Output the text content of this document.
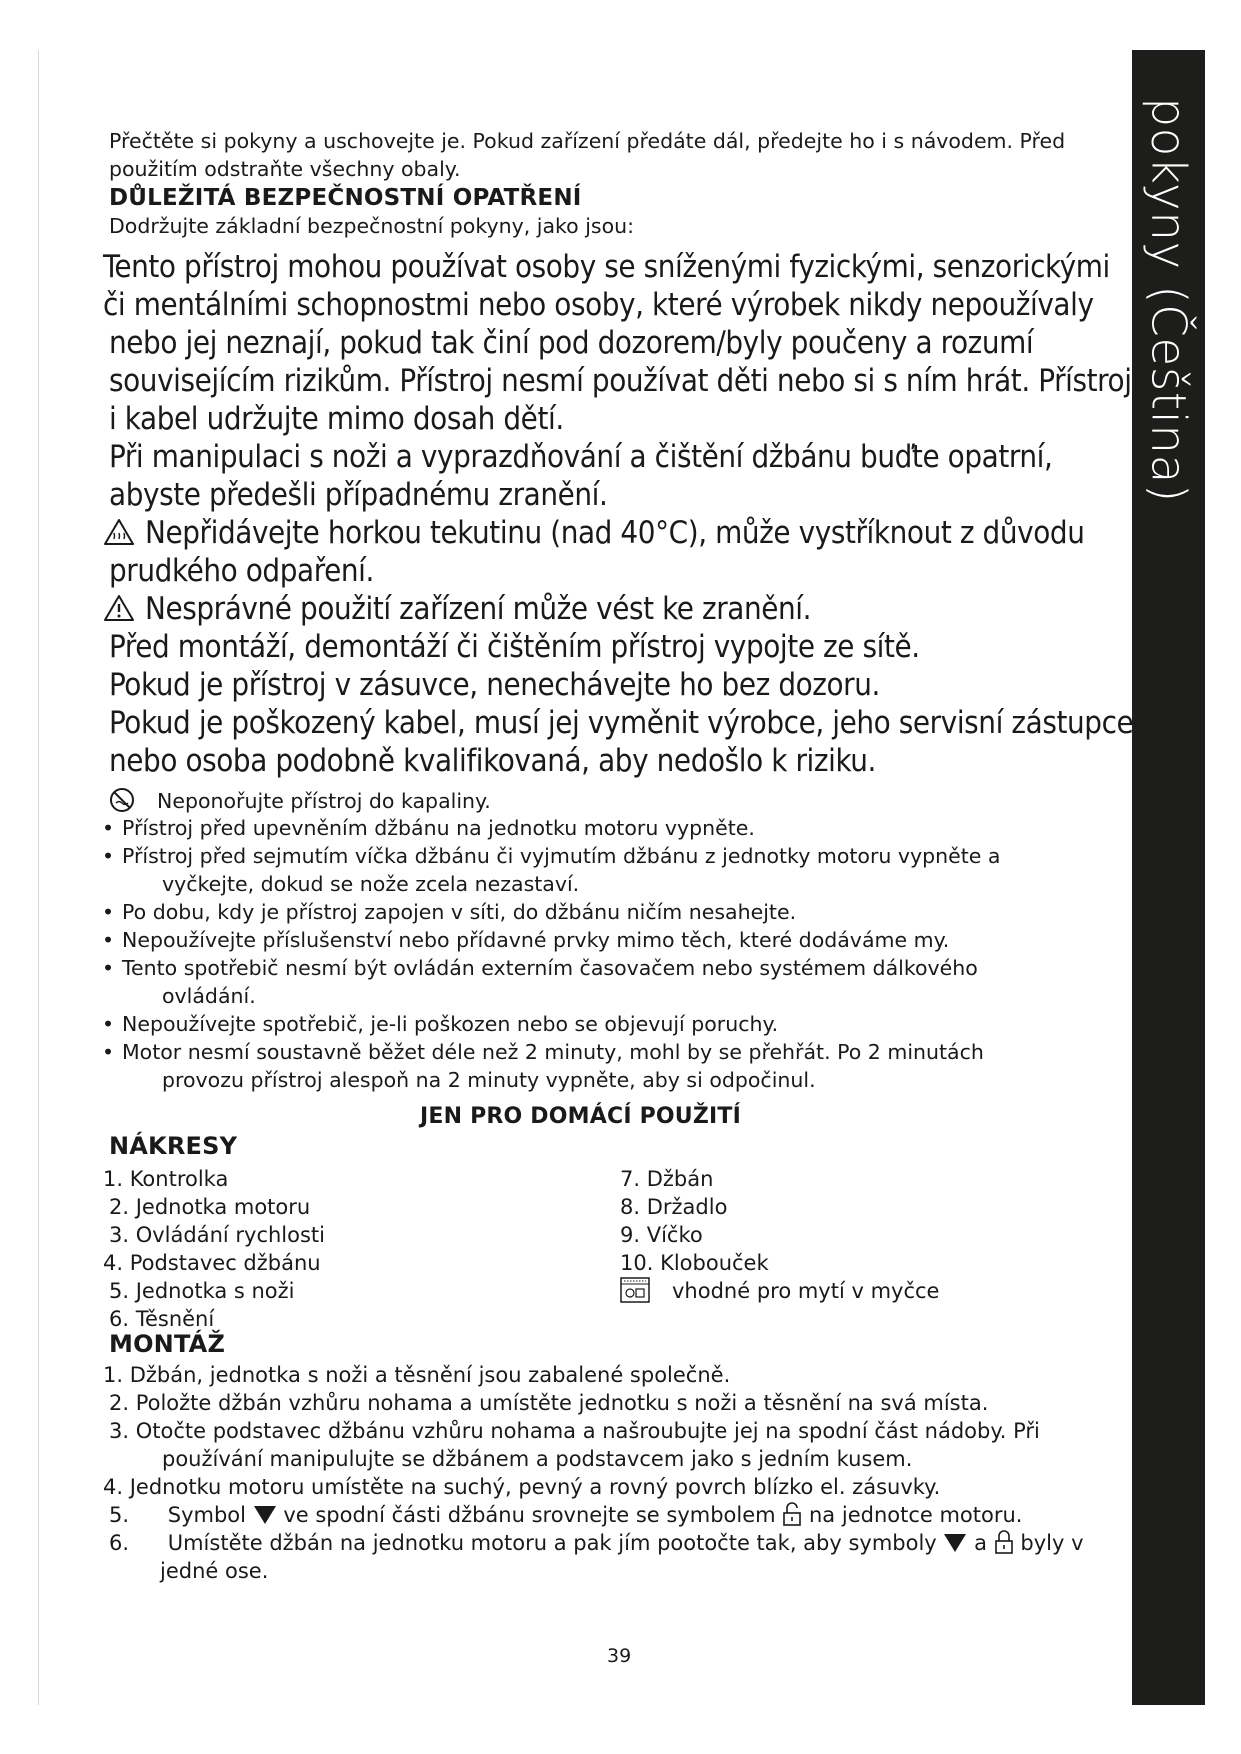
pokyny (Čeština)
Přečtěte si pokyny a uschovejte je. Pokud zařízení předáte dál, předejte ho i s návodem. Před použitím odstraňte všechny obaly.
DŮLEŽITÁ BEZPEČNOSTNÍ OPATŘENÍ
Dodržujte základní bezpečnostní pokyny, jako jsou:
Tento přístroj mohou používat osoby se sníženými fyzickými, senzorickými
či mentálními schopnostmi nebo osoby, které výrobek nikdy nepoužívaly
nebo jej neznají, pokud tak činí pod dozorem/byly poučeny a rozumí
souvisejícím rizikům. Přístroj nesmí používat děti nebo si s ním hrát. Přístroj
i kabel udržujte mimo dosah dětí.
Při manipulaci s noži a vyprazdňování a čištění džbánu buďte opatrní,
abyste předešli případnému zranění.
Nepřidávejte horkou tekutinu (nad 40°C), může vystříknout z důvodu
prudkého odpaření.
Nesprávné použití zařízení může vést ke zranění.
Před montáží, demontáží či čištěním přístroj vypojte ze sítě.
Pokud je přístroj v zásuvce, nenechávejte ho bez dozoru.
Pokud je poškozený kabel, musí jej vyměnit výrobce, jeho servisní zástupce
nebo osoba podobně kvalifikovaná, aby nedošlo k riziku.
Neponořujte přístroj do kapaliny.
• Přístroj před upevněním džbánu na jednotku motoru vypněte.
• Přístroj před sejmutím víčka džbánu či vyjmutím džbánu z jednotky motoru vypněte a
vyčkejte, dokud se nože zcela nezastaví.
• Po dobu, kdy je přístroj zapojen v síti, do džbánu ničím nesahejte.
• Nepoužívejte příslušenství nebo přídavné prvky mimo těch, které dodáváme my.
• Tento spotřebič nesmí být ovládán externím časovačem nebo systémem dálkového
ovládání.
• Nepoužívejte spotřebič, je-li poškozen nebo se objevují poruchy.
• Motor nesmí soustavně běžet déle než 2 minuty, mohl by se přehřát. Po 2 minutách
provozu přístroj alespoň na 2 minuty vypněte, aby si odpočinul.
JEN PRO DOMÁCÍ POUŽITÍ
NÁKRESY
1. Kontrolka
2. Jednotka motoru
3. Ovládání rychlosti
4. Podstavec džbánu
5. Jednotka s noži
6. Těsnění
7. Džbán
8. Držadlo
9. Víčko
10. Klobouček
vhodné pro mytí v myčce
MONTÁŽ
1. Džbán, jednotka s noži a těsnění jsou zabalené společně.
2. Položte džbán vzhůru nohama a umístěte jednotku s noži a těsnění na svá místa.
3. Otočte podstavec džbánu vzhůru nohama a našroubujte jej na spodní část nádoby. Při
používání manipulujte se džbánem a podstavcem jako s jedním kusem.
4. Jednotku motoru umístěte na suchý, pevný a rovný povrch blízko el. zásuvky.
5. Symbol ve spodní části džbánu srovnejte se symbolem na jednotce motoru.
6. Umístěte džbán na jednotku motoru a pak jím pootočte tak, aby symboly a byly v
jedné ose.
39
